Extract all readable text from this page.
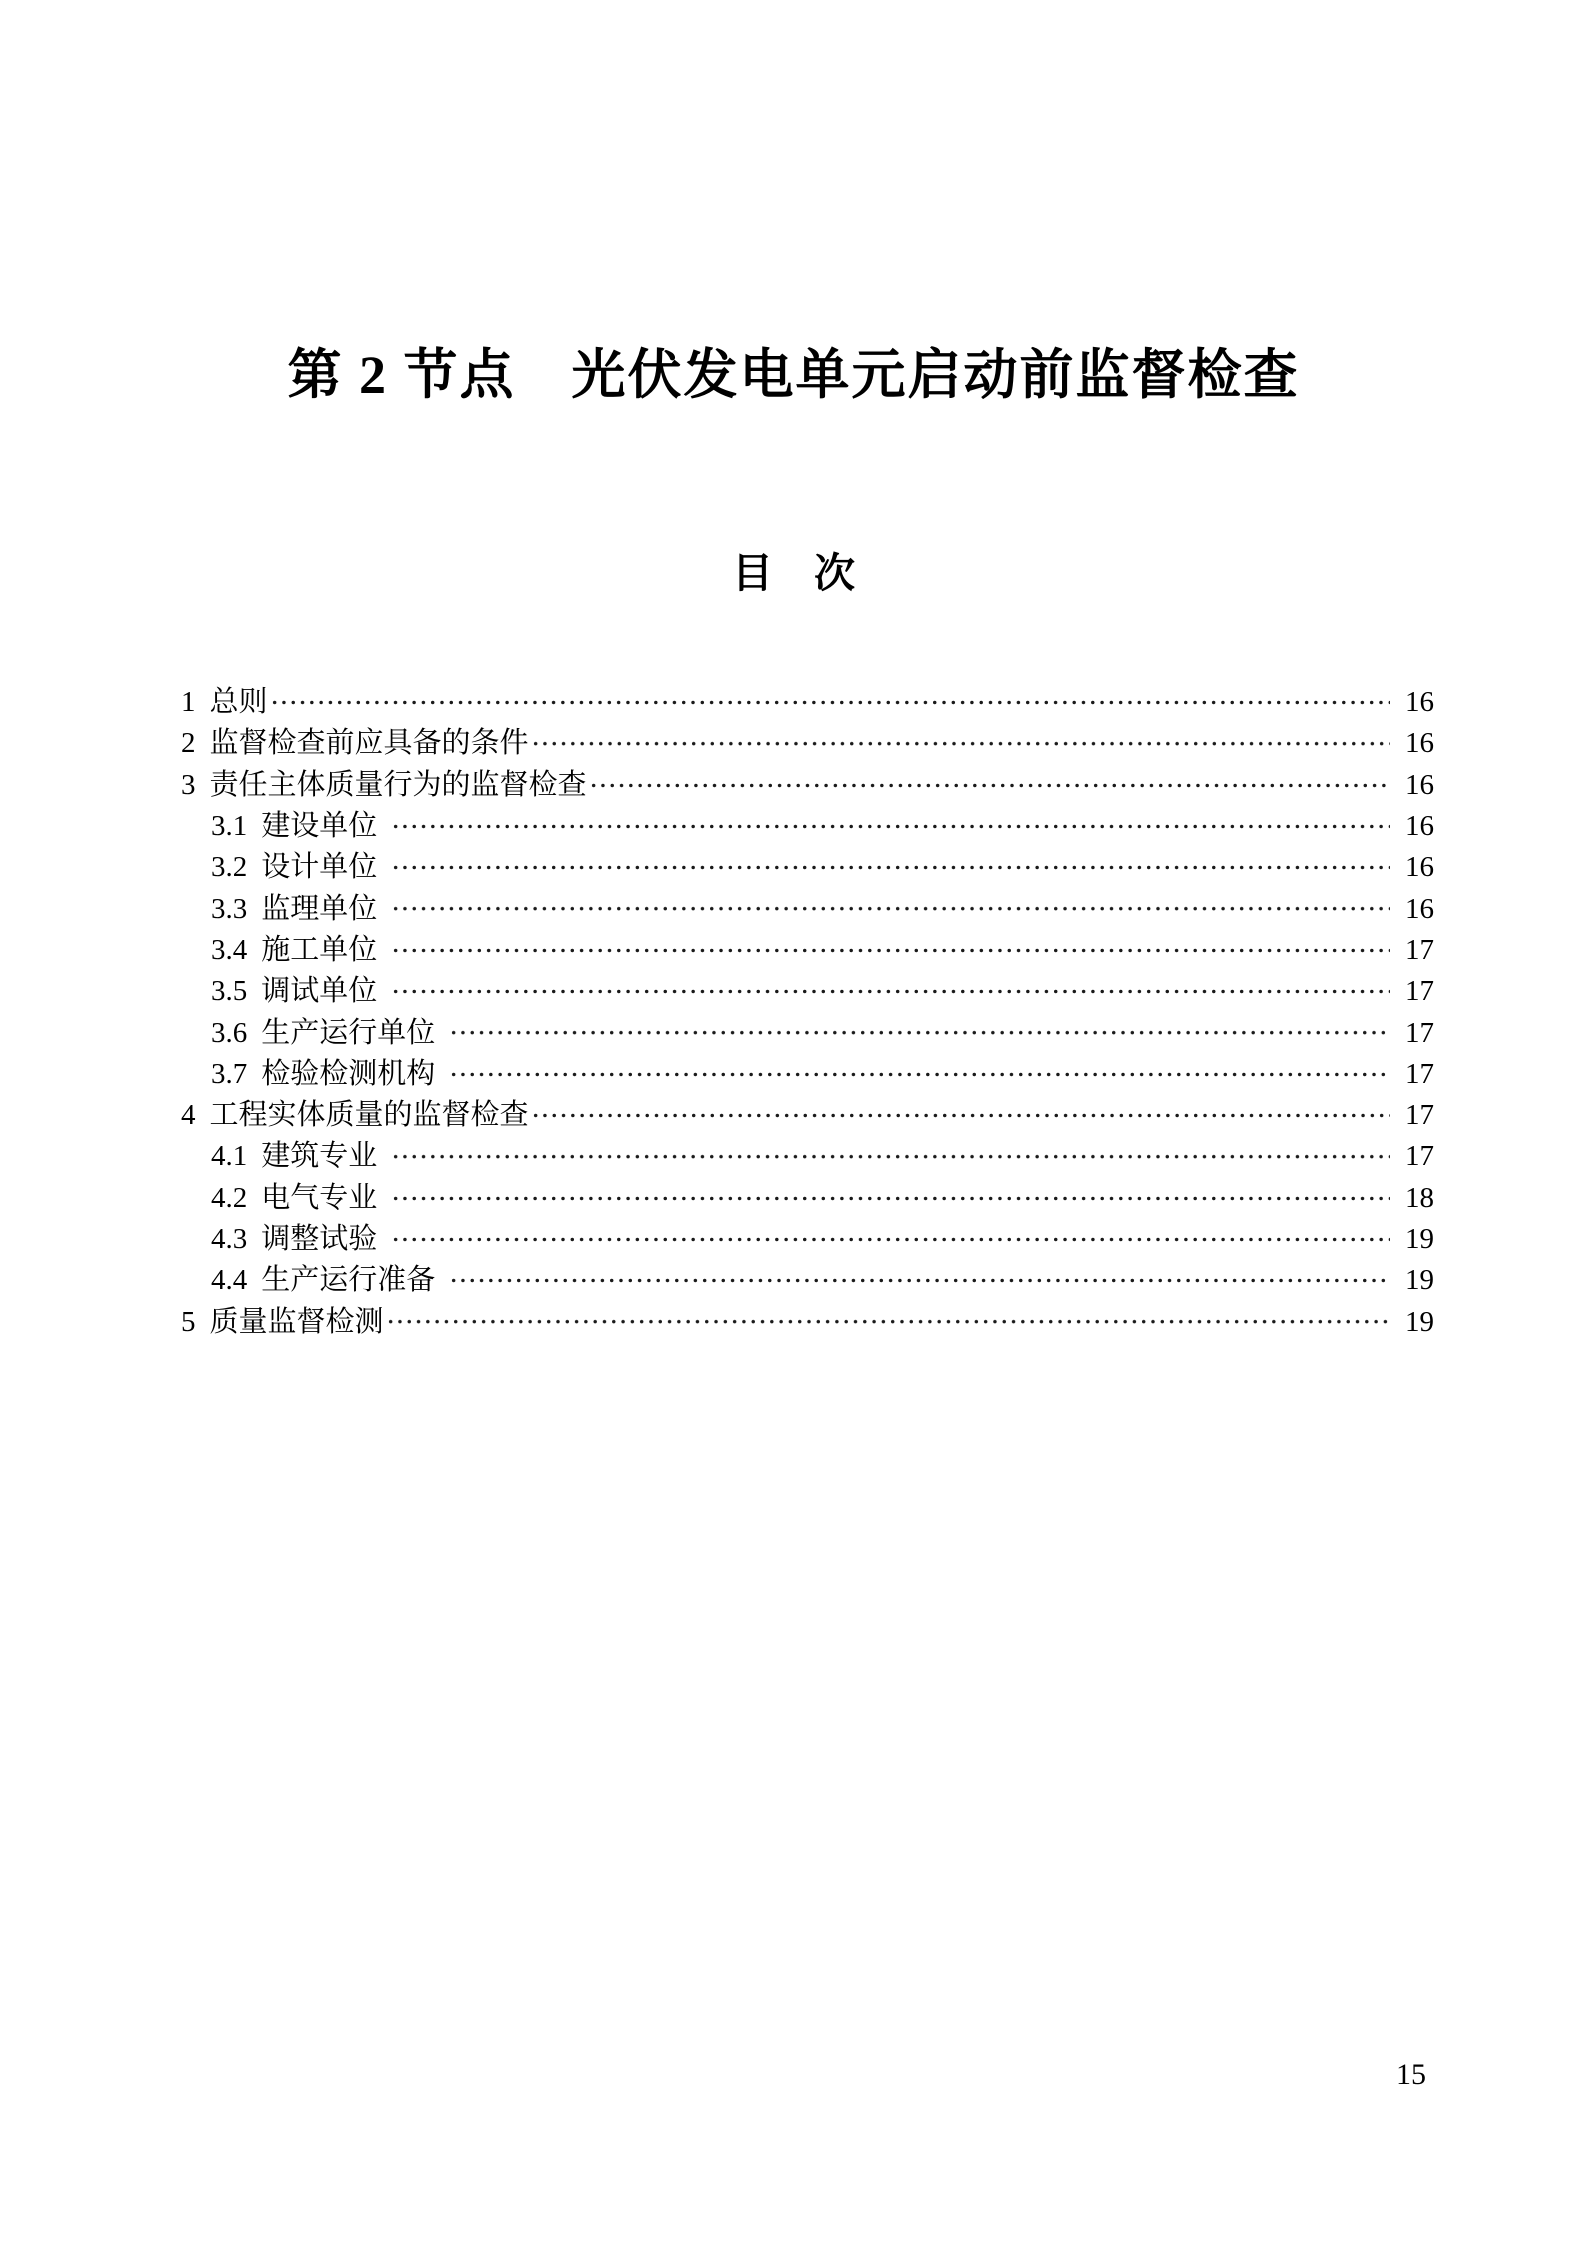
第 2 节点　光伏发电单元启动前监督检查
目　次
1 总则	16
2 监督检查前应具备的条件	16
3 责任主体质量行为的监督检查	16
3.1 建设单位	16
3.2 设计单位	16
3.3 监理单位	16
3.4 施工单位	17
3.5 调试单位	17
3.6 生产运行单位	17
3.7 检验检测机构	17
4 工程实体质量的监督检查	17
4.1 建筑专业	17
4.2 电气专业	18
4.3 调整试验	19
4.4 生产运行准备	19
5 质量监督检测	19
15
